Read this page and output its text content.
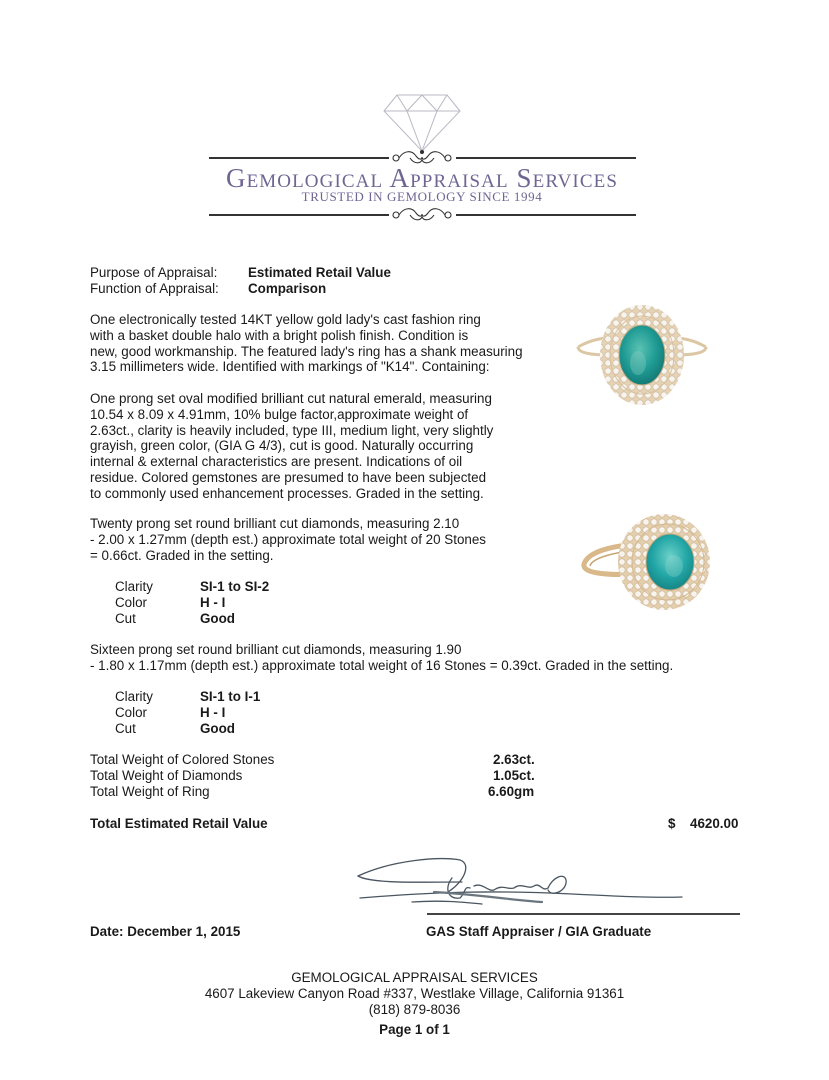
Gemological Appraisal Services
TRUSTED IN GEMOLOGY SINCE 1994
Purpose of Appraisal: Estimated Retail Value
Function of Appraisal: Comparison
One electronically tested 14KT yellow gold lady's cast fashion ring
with a basket double halo with a bright polish finish. Condition is
new, good workmanship. The featured lady's ring has a shank measuring
3.15 millimeters wide. Identified with markings of "K14". Containing:
One prong set oval modified brilliant cut natural emerald, measuring
10.54 x 8.09 x 4.91mm, 10% bulge factor,approximate weight of
2.63ct., clarity is heavily included, type III, medium light, very slightly
grayish, green color, (GIA G 4/3), cut is good. Naturally occurring
internal & external characteristics are present. Indications of oil
residue. Colored gemstones are presumed to have been subjected
to commonly used enhancement processes. Graded in the setting.
Twenty prong set round brilliant cut diamonds, measuring 2.10
- 2.00 x 1.27mm (depth est.) approximate total weight of 20 Stones
= 0.66ct. Graded in the setting.
Clarity	SI-1 to SI-2
Color	H - I
Cut	Good
Sixteen prong set round brilliant cut diamonds, measuring 1.90
- 1.80 x 1.17mm (depth est.) approximate total weight of 16 Stones = 0.39ct. Graded in the setting.
Clarity	SI-1 to I-1
Color	H - I
Cut	Good
Total Weight of Colored Stones	2.63ct.
Total Weight of Diamonds	1.05ct.
Total Weight of Ring	6.60gm
Total Estimated Retail Value	$ 4620.00
Date: December 1, 2015	GAS Staff Appraiser / GIA Graduate
GEMOLOGICAL APPRAISAL SERVICES
4607 Lakeview Canyon Road #337, Westlake Village, California 91361
(818) 879-8036
Page 1 of 1
